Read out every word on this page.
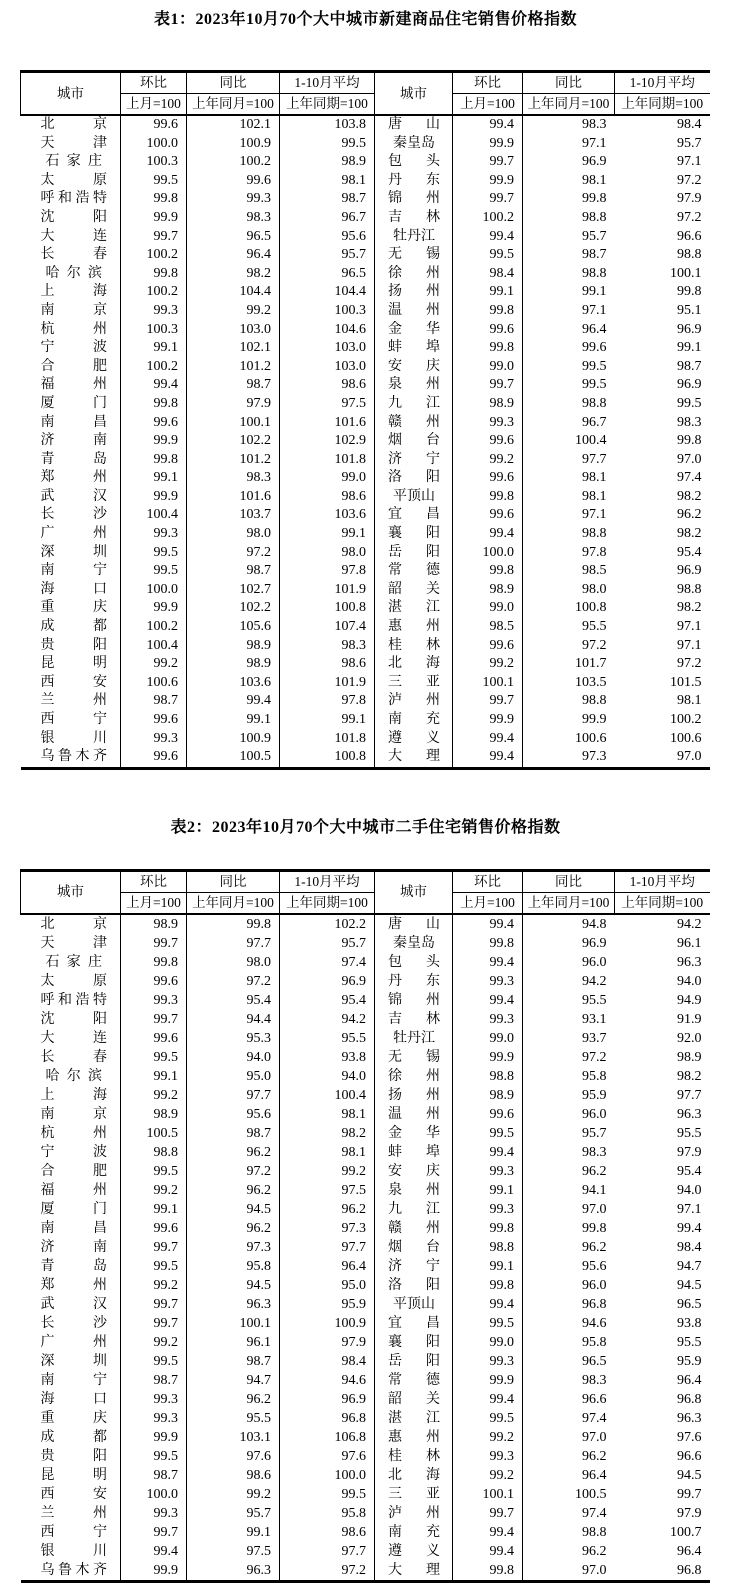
表1：2023年10月70个大中城市新建商品住宅销售价格指数
城市	环比	同比	1-10月平均	城市	环比	同比	1-10月平均
	上月=100	上年同月=100	上年同期=100		上月=100	上年同月=100	上年同期=100

北 京	99.6	102.1	103.8	唐 山	99.4	98.3	98.4

天 津	100.0	100.9	99.5	秦 皇 岛	99.9	97.1	95.7

石 家 庄	100.3	100.2	98.9	包 头	99.7	96.9	97.1

太 原	99.5	99.6	98.1	丹 东	99.9	98.1	97.2

呼 和 浩 特	99.8	99.3	98.7	锦 州	99.7	99.8	97.9

沈 阳	99.9	98.3	96.7	吉 林	100.2	98.8	97.2

大 连	99.7	96.5	95.6	牡 丹 江	99.4	95.7	96.6

长 春	100.2	96.4	95.7	无 锡	99.5	98.7	98.8

哈 尔 滨	99.8	98.2	96.5	徐 州	98.4	98.8	100.1

上 海	100.2	104.4	104.4	扬 州	99.1	99.1	99.8

南 京	99.3	99.2	100.3	温 州	99.8	97.1	95.1

杭 州	100.3	103.0	104.6	金 华	99.6	96.4	96.9

宁 波	99.1	102.1	103.0	蚌 埠	99.8	99.6	99.1

合 肥	100.2	101.2	103.0	安 庆	99.0	99.5	98.7

福 州	99.4	98.7	98.6	泉 州	99.7	99.5	96.9

厦 门	99.8	97.9	97.5	九 江	98.9	98.8	99.5

南 昌	99.6	100.1	101.6	赣 州	99.3	96.7	98.3

济 南	99.9	102.2	102.9	烟 台	99.6	100.4	99.8

青 岛	99.8	101.2	101.8	济 宁	99.2	97.7	97.0

郑 州	99.1	98.3	99.0	洛 阳	99.6	98.1	97.4

武 汉	99.9	101.6	98.6	平 顶 山	99.8	98.1	98.2

长 沙	100.4	103.7	103.6	宜 昌	99.6	97.1	96.2

广 州	99.3	98.0	99.1	襄 阳	99.4	98.8	98.2

深 圳	99.5	97.2	98.0	岳 阳	100.0	97.8	95.4

南 宁	99.5	98.7	97.8	常 德	99.8	98.5	96.9

海 口	100.0	102.7	101.9	韶 关	98.9	98.0	98.8

重 庆	99.9	102.2	100.8	湛 江	99.0	100.8	98.2

成 都	100.2	105.6	107.4	惠 州	98.5	95.5	97.1

贵 阳	100.4	98.9	98.3	桂 林	99.6	97.2	97.1

昆 明	99.2	98.9	98.6	北 海	99.2	101.7	97.2

西 安	100.6	103.6	101.9	三 亚	100.1	103.5	101.5

兰 州	98.7	99.4	97.8	泸 州	99.7	98.8	98.1

西 宁	99.6	99.1	99.1	南 充	99.9	99.9	100.2

银 川	99.3	100.9	101.8	遵 义	99.4	100.6	100.6

乌 鲁 木 齐	99.6	100.5	100.8	大 理	99.4	97.3	97.0
表2：2023年10月70个大中城市二手住宅销售价格指数
城市	环比	同比	1-10月平均	城市	环比	同比	1-10月平均
	上月=100	上年同月=100	上年同期=100		上月=100	上年同月=100	上年同期=100

北 京	98.9	99.8	102.2	唐 山	99.4	94.8	94.2

天 津	99.7	97.7	95.7	秦 皇 岛	99.8	96.9	96.1

石 家 庄	99.8	98.0	97.4	包 头	99.4	96.0	96.3

太 原	99.6	97.2	96.9	丹 东	99.3	94.2	94.0

呼 和 浩 特	99.3	95.4	95.4	锦 州	99.4	95.5	94.9

沈 阳	99.7	94.4	94.2	吉 林	99.3	93.1	91.9

大 连	99.6	95.3	95.5	牡 丹 江	99.0	93.7	92.0

长 春	99.5	94.0	93.8	无 锡	99.9	97.2	98.9

哈 尔 滨	99.1	95.0	94.0	徐 州	98.8	95.8	98.2

上 海	99.2	97.7	100.4	扬 州	98.9	95.9	97.7

南 京	98.9	95.6	98.1	温 州	99.6	96.0	96.3

杭 州	100.5	98.7	98.2	金 华	99.5	95.7	95.5

宁 波	98.8	96.2	98.1	蚌 埠	99.4	98.3	97.9

合 肥	99.5	97.2	99.2	安 庆	99.3	96.2	95.4

福 州	99.2	96.2	97.5	泉 州	99.1	94.1	94.0

厦 门	99.1	94.5	96.2	九 江	99.3	97.0	97.1

南 昌	99.6	96.2	97.3	赣 州	99.8	99.8	99.4

济 南	99.7	97.3	97.7	烟 台	98.8	96.2	98.4

青 岛	99.5	95.8	96.4	济 宁	99.1	95.6	94.7

郑 州	99.2	94.5	95.0	洛 阳	99.8	96.0	94.5

武 汉	99.7	96.3	95.9	平 顶 山	99.4	96.8	96.5

长 沙	99.7	100.1	100.9	宜 昌	99.5	94.6	93.8

广 州	99.2	96.1	97.9	襄 阳	99.0	95.8	95.5

深 圳	99.5	98.7	98.4	岳 阳	99.3	96.5	95.9

南 宁	98.7	94.7	94.6	常 德	99.9	98.3	96.4

海 口	99.3	96.2	96.9	韶 关	99.4	96.6	96.8

重 庆	99.3	95.5	96.8	湛 江	99.5	97.4	96.3

成 都	99.9	103.1	106.8	惠 州	99.2	97.0	97.6

贵 阳	99.5	97.6	97.6	桂 林	99.3	96.2	96.6

昆 明	98.7	98.6	100.0	北 海	99.2	96.4	94.5

西 安	100.0	99.2	99.5	三 亚	100.1	100.5	99.7

兰 州	99.3	95.7	95.8	泸 州	99.7	97.4	97.9

西 宁	99.7	99.1	98.6	南 充	99.4	98.8	100.7

银 川	99.4	97.5	97.7	遵 义	99.4	96.2	96.4

乌 鲁 木 齐	99.9	96.3	97.2	大 理	99.8	97.0	96.8
